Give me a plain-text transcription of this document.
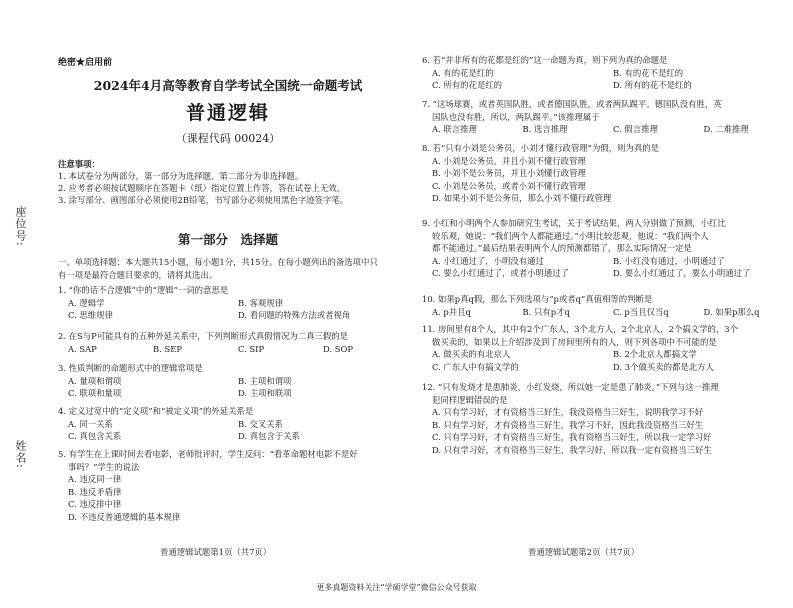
座位号:
姓名:
绝密★启用前
2024年4月高等教育自学考试全国统一命题考试
普通逻辑
（课程代码 00024）
注意事项：
1. 本试卷分为两部分，第一部分为选择题，第二部分为非选择题。
2. 应考者必须按试题顺序在答题卡（纸）指定位置上作答，答在试卷上无效。
3. 涂写部分、画图部分必须使用2B铅笔，书写部分必须使用黑色字迹签字笔。
第一部分　选择题
一、单项选择题：本大题共15小题，每小题1分，共15分。在每小题列出的备选项中只
有一项是最符合题目要求的，请将其选出。
1. “你的话不合逻辑”中的“逻辑”一词的意思是
A. 逻辑学	B. 客观规律
C. 思维规律	D. 看问题的特殊方法或者视角
2. 在S与P可能具有的五种外延关系中，下列判断形式真假情况为二真三假的是
A. SAP	B. SEP	C. SIP	D. SOP
3. 性质判断的命题形式中的逻辑常项是
A. 量项和谓项	B. 主项和谓项
C. 联项和量项	D. 主项和联项
4. 定义过宽中的“定义项”和“被定义项”的外延关系是
A. 同一关系	B. 交叉关系
C. 真包含关系	D. 真包含于关系
5. 有学生在上课时间去看电影，老师批评时，学生反问：“看革命题材电影不是好
事吗？”学生的说法
A. 违反同一律
B. 违反矛盾律
C. 违反排中律
D. 不违反普通逻辑的基本规律
普通逻辑试题第1页（共7页）
6. 若“并非所有的花都是红的”这一命题为真，则下列为真的命题是
A. 有的花是红的	B. 有的花不是红的
C. 所有的花是红的	D. 所有的花不是红的
7. “这场球赛，或者英国队胜，或者德国队胜，或者两队踢平。德国队没有胜，英
国队也没有胜，所以，两队踢平。”该推理属于
A. 联言推理	B. 选言推理	C. 假言推理	D. 二难推理
8. 若“只有小刘是公务员，小刘才懂行政管理”为假，则为真的是
A. 小刘是公务员，并且小刘不懂行政管理
B. 小刘不是公务员，并且小刘懂行政管理
C. 小刘是公务员，或者小刘不懂行政管理
D. 如果小刘不是公务员，那么小刘不懂行政管理
9. 小红和小明两个人参加研究生考试，关于考试结果，两人分别做了预测，小红比
较乐观，她说：“我们两个人都能通过。”小明比较悲观，他说：“我们两个人
都不能通过。”最后结果表明两个人的预测都错了，那么实际情况一定是
A. 小红通过了，小明没有通过	B. 小红没有通过，小明通过了
C. 要么小红通过了，或者小明通过了	D. 要么小红通过了，要么小明通过了
10. 如果p真q假，那么下列选项与“p或者q”真值相等的判断是
A. p并且q	B. 只有p才q	C. p当且仅当q	D. 如果p那么q
11. 房间里有8个人，其中有2个广东人，3个北方人，2个北京人，2个搞文学的，3个
做买卖的，如果以上介绍涉及到了房间里所有的人，则下列各项中不可能的是
A. 做买卖的有北京人	B. 2个北京人都搞文学
C. 广东人中有搞文学的	D. 3个做买卖的都是北方人
12. “只有发烧才是患肺炎，小红发烧，所以她一定是患了肺炎。”下列与这一推理
犯同样逻辑错误的是
A. 只有学习好，才有资格当三好生，我没资格当三好生，说明我学习不好
B. 只有学习好，才有资格当三好生，我学习不好，因此我没资格当三好生
C. 只有学习好，才有资格当三好生，我有资格当三好生，所以我一定学习好
D. 只有学习好，才有资格当三好生，我学习好，所以我一定有资格当三好生
普通逻辑试题第2页（共7页）
更多真题资料关注“学硕学堂”微信公众号获取
